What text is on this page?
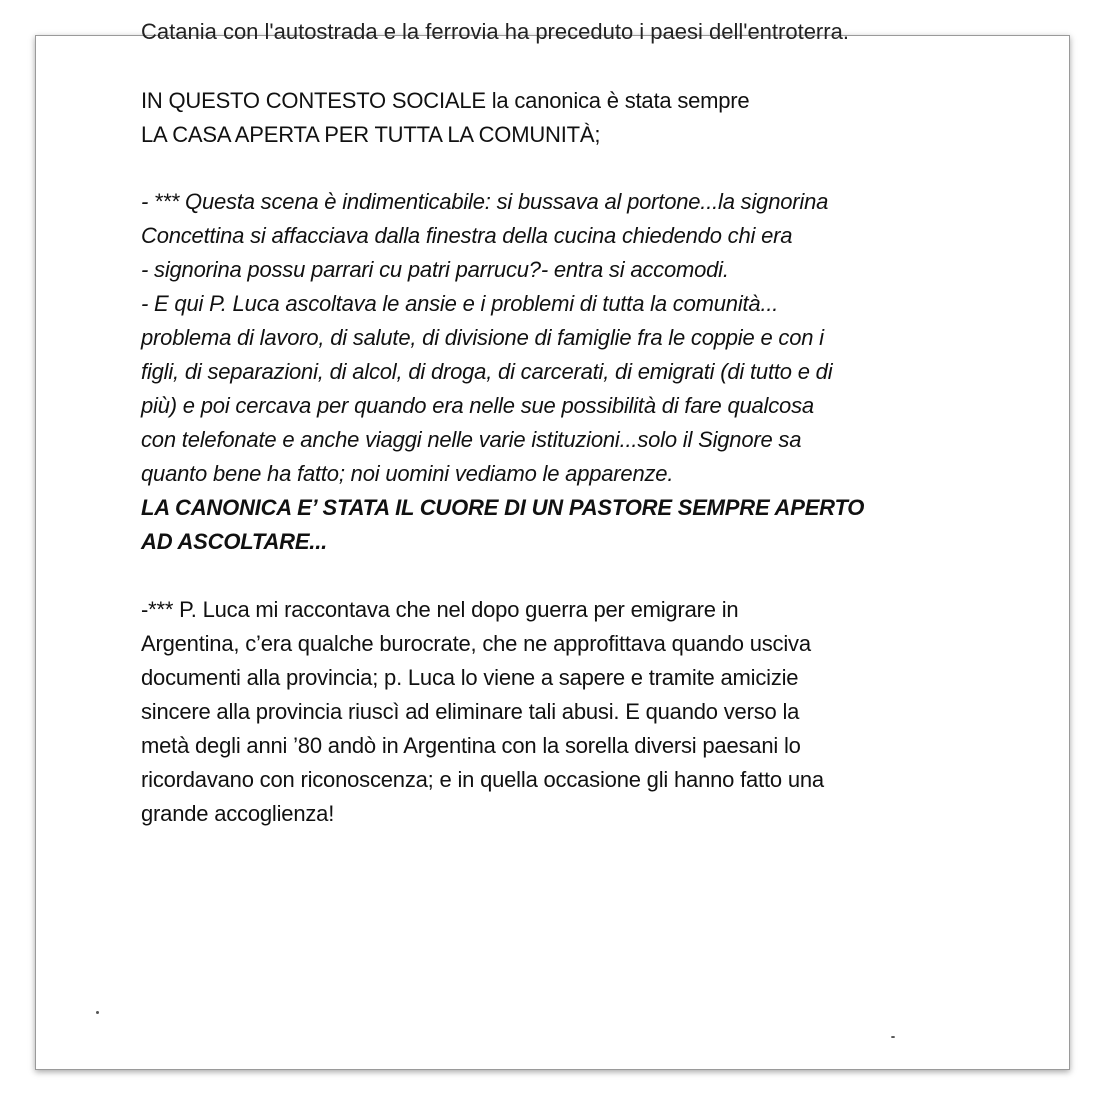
Catania con l'autostrada e la ferrovia ha preceduto i paesi dell'entroterra.
IN QUESTO CONTESTO SOCIALE la canonica è stata sempre
LA CASA APERTA PER TUTTA LA COMUNITÀ;
- *** Questa scena è indimenticabile: si bussava al portone...la signorina
Concettina si affacciava dalla finestra della cucina chiedendo chi era
- signorina possu parrari cu patri parrucu?- entra si accomodi.
- E qui P. Luca ascoltava le ansie e i problemi di tutta la comunità...
problema di lavoro, di salute, di divisione di famiglie fra le coppie e con i
figli, di separazioni, di alcol, di droga, di carcerati, di emigrati (di tutto e di
più) e poi cercava per quando era nelle sue possibilità di fare qualcosa
con telefonate e anche viaggi nelle varie istituzioni...solo il Signore sa
quanto bene ha fatto; noi uomini vediamo le apparenze.
LA CANONICA E’ STATA IL CUORE DI UN PASTORE SEMPRE APERTO
AD ASCOLTARE...
-*** P. Luca mi raccontava che nel dopo guerra per emigrare in
Argentina, c’era qualche burocrate, che ne approfittava quando usciva
documenti alla provincia; p. Luca lo viene a sapere e tramite amicizie
sincere alla provincia riuscì ad eliminare tali abusi. E quando verso la
metà degli anni ’80 andò in Argentina con la sorella diversi paesani lo
ricordavano con riconoscenza; e in quella occasione gli hanno fatto una
grande accoglienza!
